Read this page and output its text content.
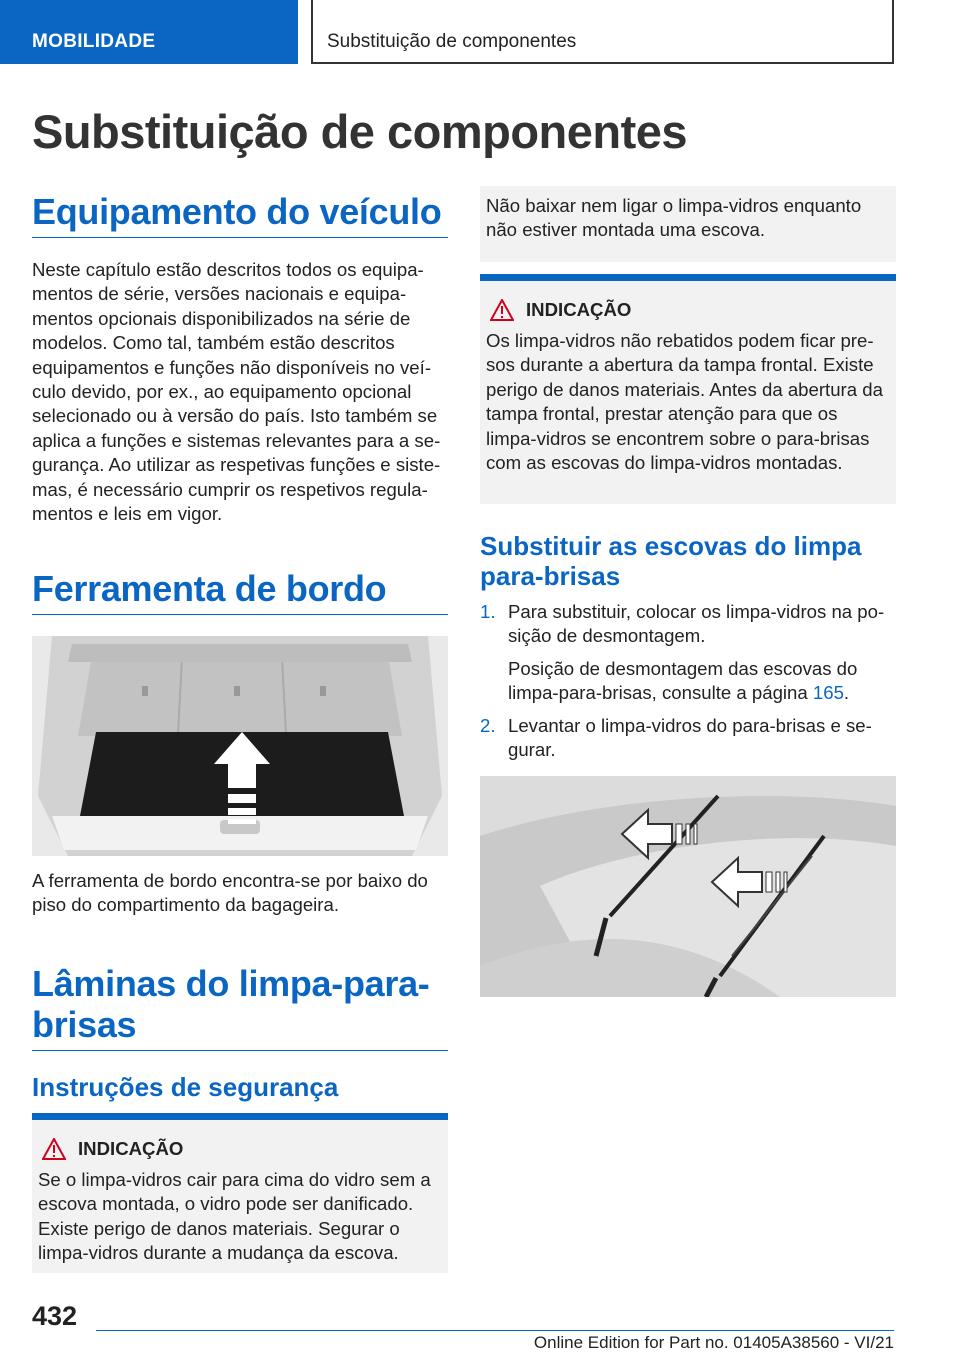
MOBILIDADE	Substituição de componentes
Substituição de componentes
Equipamento do veículo

Neste capítulo estão descritos todos os equipamentos de série, versões nacionais e equipamentos opcionais disponibilizados na série de modelos. Como tal, também estão descritos equipamentos e funções não disponíveis no veículo devido, por ex., ao equipamento opcional selecionado ou à versão do país. Isto também se aplica a funções e sistemas relevantes para a segurança. Ao utilizar as respetivas funções e sistemas, é necessário cumprir os respetivos regulamentos e leis em vigor.

Ferramenta de bordo

A ferramenta de bordo encontra-se por baixo do piso do compartimento da bagageira.

Lâminas do limpa-para-brisas
Instruções de segurança
INDICAÇÃO
Se o limpa-vidros cair para cima do vidro sem a escova montada, o vidro pode ser danificado. Existe perigo de danos materiais. Segurar o limpa-vidros durante a mudança da escova.
Não baixar nem ligar o limpa-vidros enquanto não estiver montada uma escova.
INDICAÇÃO
Os limpa-vidros não rebatidos podem ficar presos durante a abertura da tampa frontal. Existe perigo de danos materiais. Antes da abertura da tampa frontal, prestar atenção para que os limpa-vidros se encontrem sobre o para-brisas com as escovas do limpa-vidros montadas.
Substituir as escovas do limpa para-brisas
1. Para substituir, colocar os limpa-vidros na posição de desmontagem.

Posição de desmontagem das escovas do limpa-para-brisas, consulte a página 165.

2. Levantar o limpa-vidros do para-brisas e segurar.

432
Online Edition for Part no. 01405A38560 - VI/21
